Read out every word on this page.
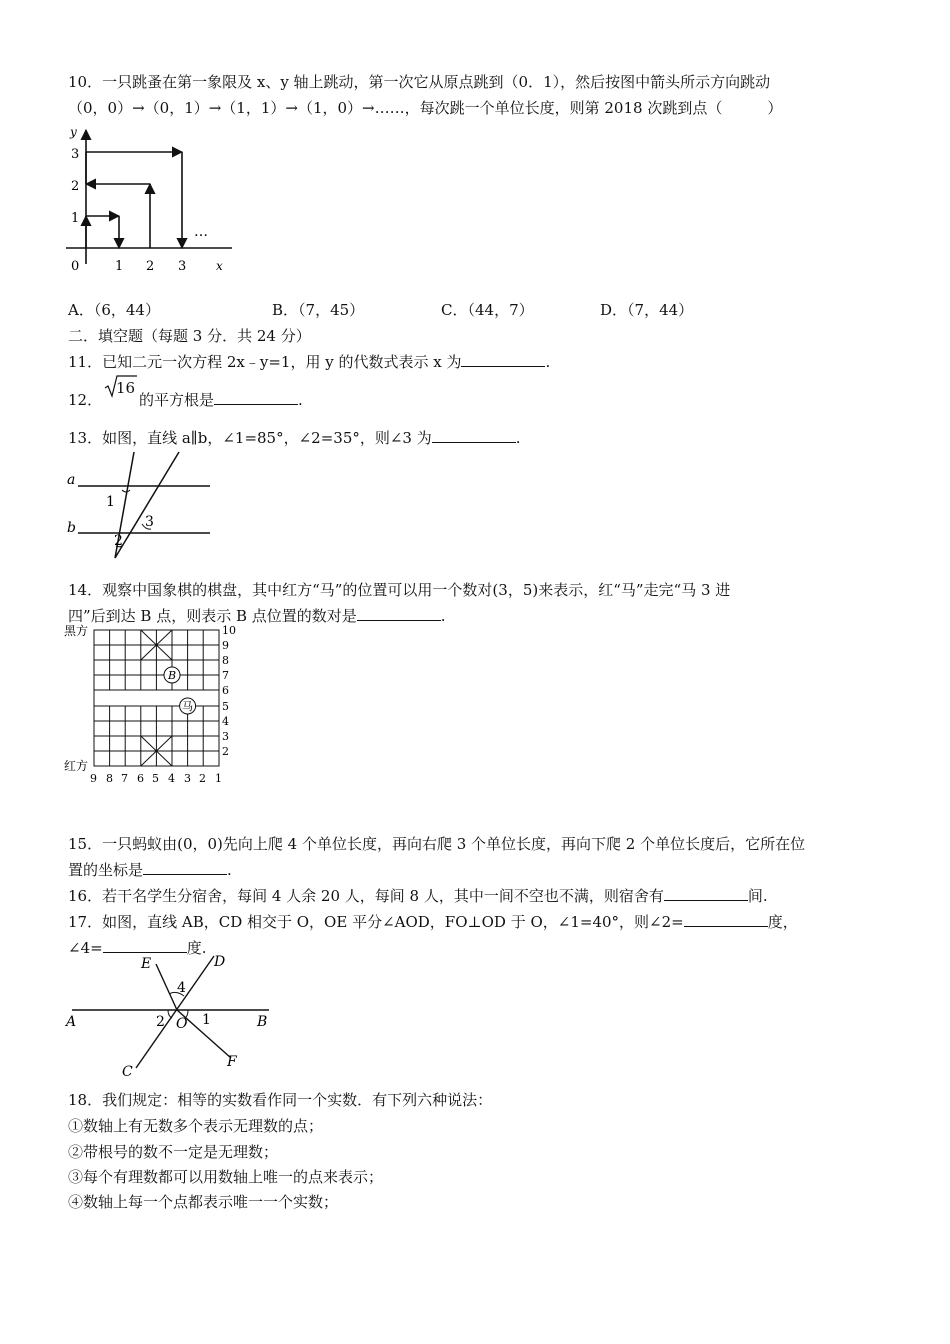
10．一只跳蚤在第一象限及 x、y 轴上跳动，第一次它从原点跳到（0．1），然后按图中箭头所示方向跳动
（0，0）→（0，1）→（1，1）→（1，0）→……，每次跳一个单位长度，则第 2018 次跳到点（　　　）
y
3
2
1
0	1 2 3 x
…
A．（6，44）	B．（7，45）	C．（44，7）	D．（7，44）
二．填空题（每题 3 分．共 24 分）
11．已知二元一次方程 2x﹣y=1，用 y 的代数式表示 x 为	.
12．
16
的平方根是	.
13．如图，直线 a∥b，∠1=85°，∠2=35°，则∠3 为	.
a
b
1
3
2
14．观察中国象棋的棋盘，其中红方“马”的位置可以用一个数对(3，5)来表示，红“马”走完“马 3 进
四”后到达 B 点，则表示 B 点位置的数对是	.
B
马
黑方
红方
10
9
8
7
6
5
4
3
2
9 8 7 6 5 4 3 2 1
15．一只蚂蚁由(0，0)先向上爬 4 个单位长度，再向右爬 3 个单位长度，再向下爬 2 个单位长度后，它所在位
置的坐标是	.
16．若干名学生分宿舍，每间 4 人余 20 人，每间 8 人，其中一间不空也不满，则宿舍有	间.
17．如图，直线 AB，CD 相交于 O，OE 平分∠AOD，FO⊥OD 于 O，∠1=40°，则∠2=	度，
∠4=	度.
E	D
4
A	2 O 1	B
F
C
18．我们规定：相等的实数看作同一个实数．有下列六种说法：
①数轴上有无数多个表示无理数的点；
②带根号的数不一定是无理数；
③每个有理数都可以用数轴上唯一的点来表示；
④数轴上每一个点都表示唯一一个实数；
